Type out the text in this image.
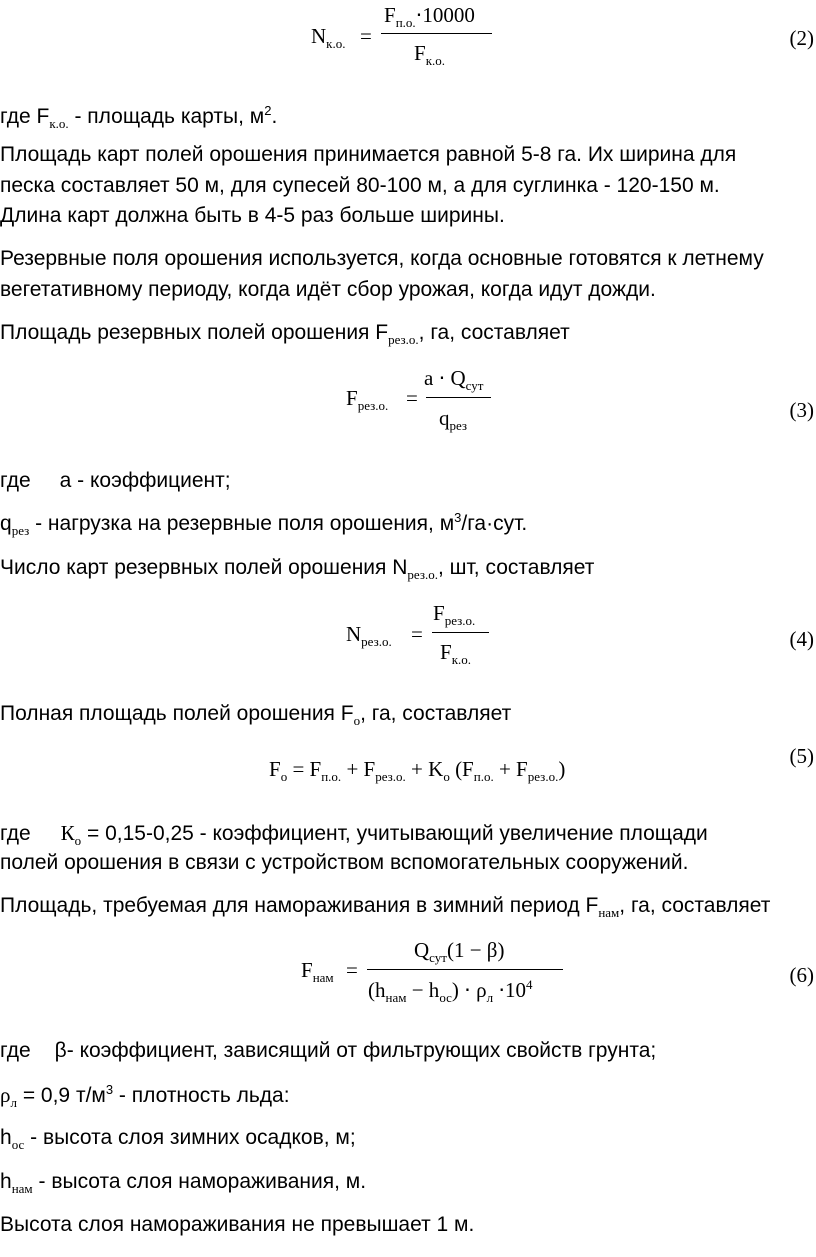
$N_{к.о.}$ =
$F_{п.о.}\cdot 10000$
$F_{к.о.}$
(2)
где $F_{к.о.}$ - площадь карты, $м^2$.
Площадь карт полей орошения принимается равной 5-8 га. Их ширина для
песка составляет 50 м, для супесей 80-100 м, а для суглинка - 120-150 м.
Длина карт должна быть в 4-5 раз больше ширины.
Резервные поля орошения используется, когда основные готовятся к летнему
вегетативному периоду, когда идёт сбор урожая, когда идут дожди.
Площадь резервных полей орошения $F_{рез.о.}$, га, составляет
$F_{рез.о.}$ =
$a \cdot Q_{сут}$
$q_{рез}$
(3)
где а - коэффициент;
$q_{рез}$ - нагрузка на резервные поля орошения, $м^3/га\cdot сут$.
Число карт резервных полей орошения $N_{рез.о.}$, шт, составляет
$N_{рез.о.}$ =
$F_{рез.о.}$
$F_{к.о.}$
(4)
Полная площадь полей орошения $F_о$, га, составляет
$F_о = F_{п.о.} + F_{рез.о.} + K_о$ $(F_{п.о.} + F_{рез.о.})$
(5)
где $К_о = 0,15-0,25$ - коэффициент, учитывающий увеличение площади
полей орошения в связи с устройством вспомогательных сооружений.
Площадь, требуемая для намораживания в зимний период $F_{нам}$, га, составляет
$F_{нам}$ =
$Q_{сут}(1 - \beta)$
$(h_{нам} - h_{ос}) \cdot \rho_л \cdot 10^4$	(6)
где β- коэффициент, зависящий от фильтрующих свойств грунта;
$\rho_л = 0,9$ $т/м^3$ - плотность льда:
$h_{ос}$ - высота слоя зимних осадков, м;
$h_{нам}$ - высота слоя намораживания, м.
Высота слоя намораживания не превышает 1 м.
